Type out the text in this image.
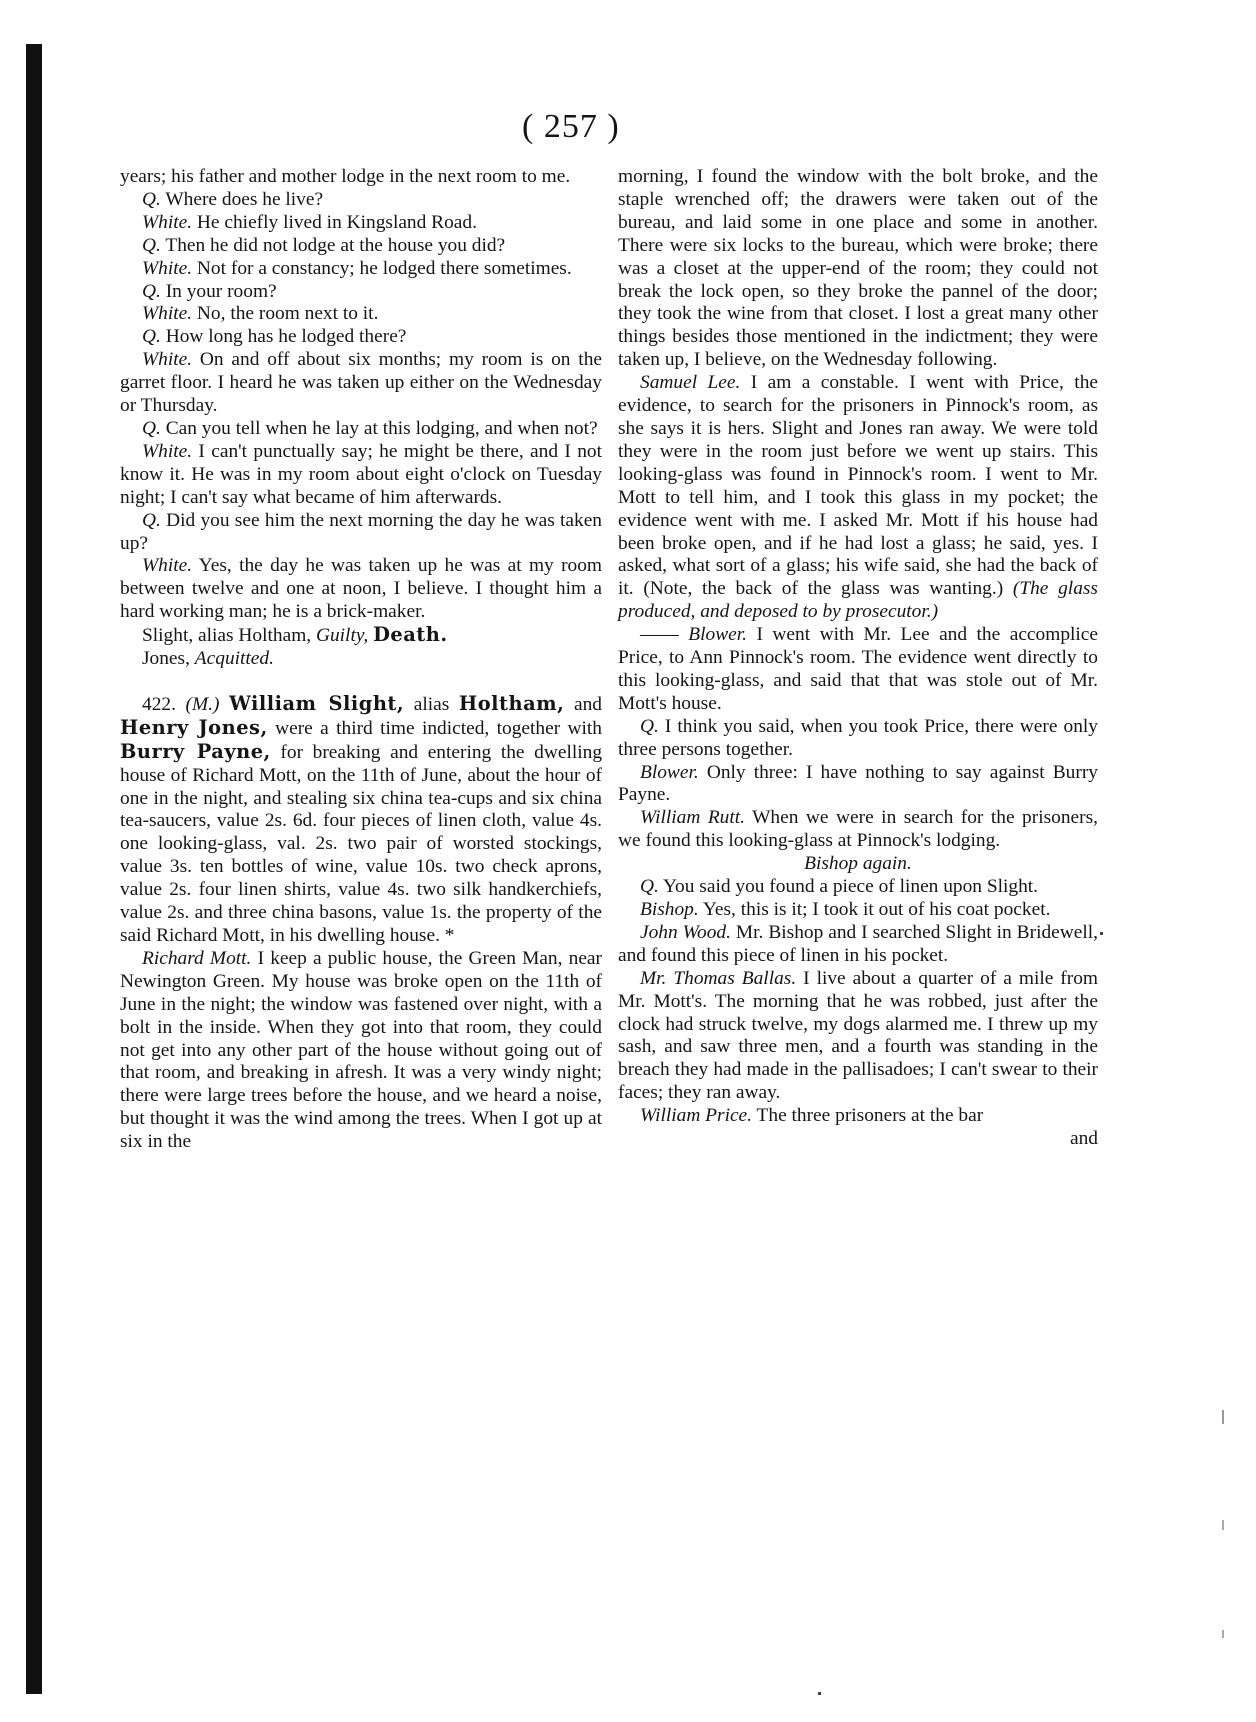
( 257 )

years; his father and mother lodge in the next room to me.

Q. Where does he live?

White. He chiefly lived in Kingsland Road.

Q. Then he did not lodge at the house you did?

White. Not for a constancy; he lodged there sometimes.

Q. In your room?

White. No, the room next to it.

Q. How long has he lodged there?

White. On and off about six months; my room is on the garret floor. I heard he was taken up either on the Wednesday or Thursday.

Q. Can you tell when he lay at this lodging, and when not?

White. I can't punctually say; he might be there, and I not know it. He was in my room about eight o'clock on Tuesday night; I can't say what became of him afterwards.

Q. Did you see him the next morning the day he was taken up?

White. Yes, the day he was taken up he was at my room between twelve and one at noon, I believe. I thought him a hard working man; he is a brick-maker.

Slight, alias Holtham, Guilty, Death.

Jones, Acquitted.

422. (M.) William Slight, alias Holtham, and Henry Jones, were a third time indicted, together with Burry Payne, for breaking and entering the dwelling house of Richard Mott, on the 11th of June, about the hour of one in the night, and stealing six china tea-cups and six china tea-saucers, value 2s. 6d. four pieces of linen cloth, value 4s. one looking-glass, val. 2s. two pair of worsted stockings, value 3s. ten bottles of wine, value 10s. two check aprons, value 2s. four linen shirts, value 4s. two silk handkerchiefs, value 2s. and three china basons, value 1s. the property of the said Richard Mott, in his dwelling house. *

Richard Mott. I keep a public house, the Green Man, near Newington Green. My house was broke open on the 11th of June in the night; the window was fastened over night, with a bolt in the inside. When they got into that room, they could not get into any other part of the house without going out of that room, and breaking in afresh. It was a very windy night; there were large trees before the house, and we heard a noise, but thought it was the wind among the trees. When I got up at six in the

morning, I found the window with the bolt broke, and the staple wrenched off; the drawers were taken out of the bureau, and laid some in one place and some in another. There were six locks to the bureau, which were broke; there was a closet at the upper-end of the room; they could not break the lock open, so they broke the pannel of the door; they took the wine from that closet. I lost a great many other things besides those mentioned in the indictment; they were taken up, I believe, on the Wednesday following.

Samuel Lee. I am a constable. I went with Price, the evidence, to search for the prisoners in Pinnock's room, as she says it is hers. Slight and Jones ran away. We were told they were in the room just before we went up stairs. This looking-glass was found in Pinnock's room. I went to Mr. Mott to tell him, and I took this glass in my pocket; the evidence went with me. I asked Mr. Mott if his house had been broke open, and if he had lost a glass; he said, yes. I asked, what sort of a glass; his wife said, she had the back of it. (Note, the back of the glass was wanting.) (The glass produced, and deposed to by prosecutor.)

—— Blower. I went with Mr. Lee and the accomplice Price, to Ann Pinnock's room. The evidence went directly to this looking-glass, and said that that was stole out of Mr. Mott's house.

Q. I think you said, when you took Price, there were only three persons together.

Blower. Only three: I have nothing to say against Burry Payne.

William Rutt. When we were in search for the prisoners, we found this looking-glass at Pinnock's lodging.

Bishop again.

Q. You said you found a piece of linen upon Slight.

Bishop. Yes, this is it; I took it out of his coat pocket.

John Wood. Mr. Bishop and I searched Slight in Bridewell, and found this piece of linen in his pocket.

Mr. Thomas Ballas. I live about a quarter of a mile from Mr. Mott's. The morning that he was robbed, just after the clock had struck twelve, my dogs alarmed me. I threw up my sash, and saw three men, and a fourth was standing in the breach they had made in the pallisadoes; I can't swear to their faces; they ran away.

William Price. The three prisoners at the bar

and
